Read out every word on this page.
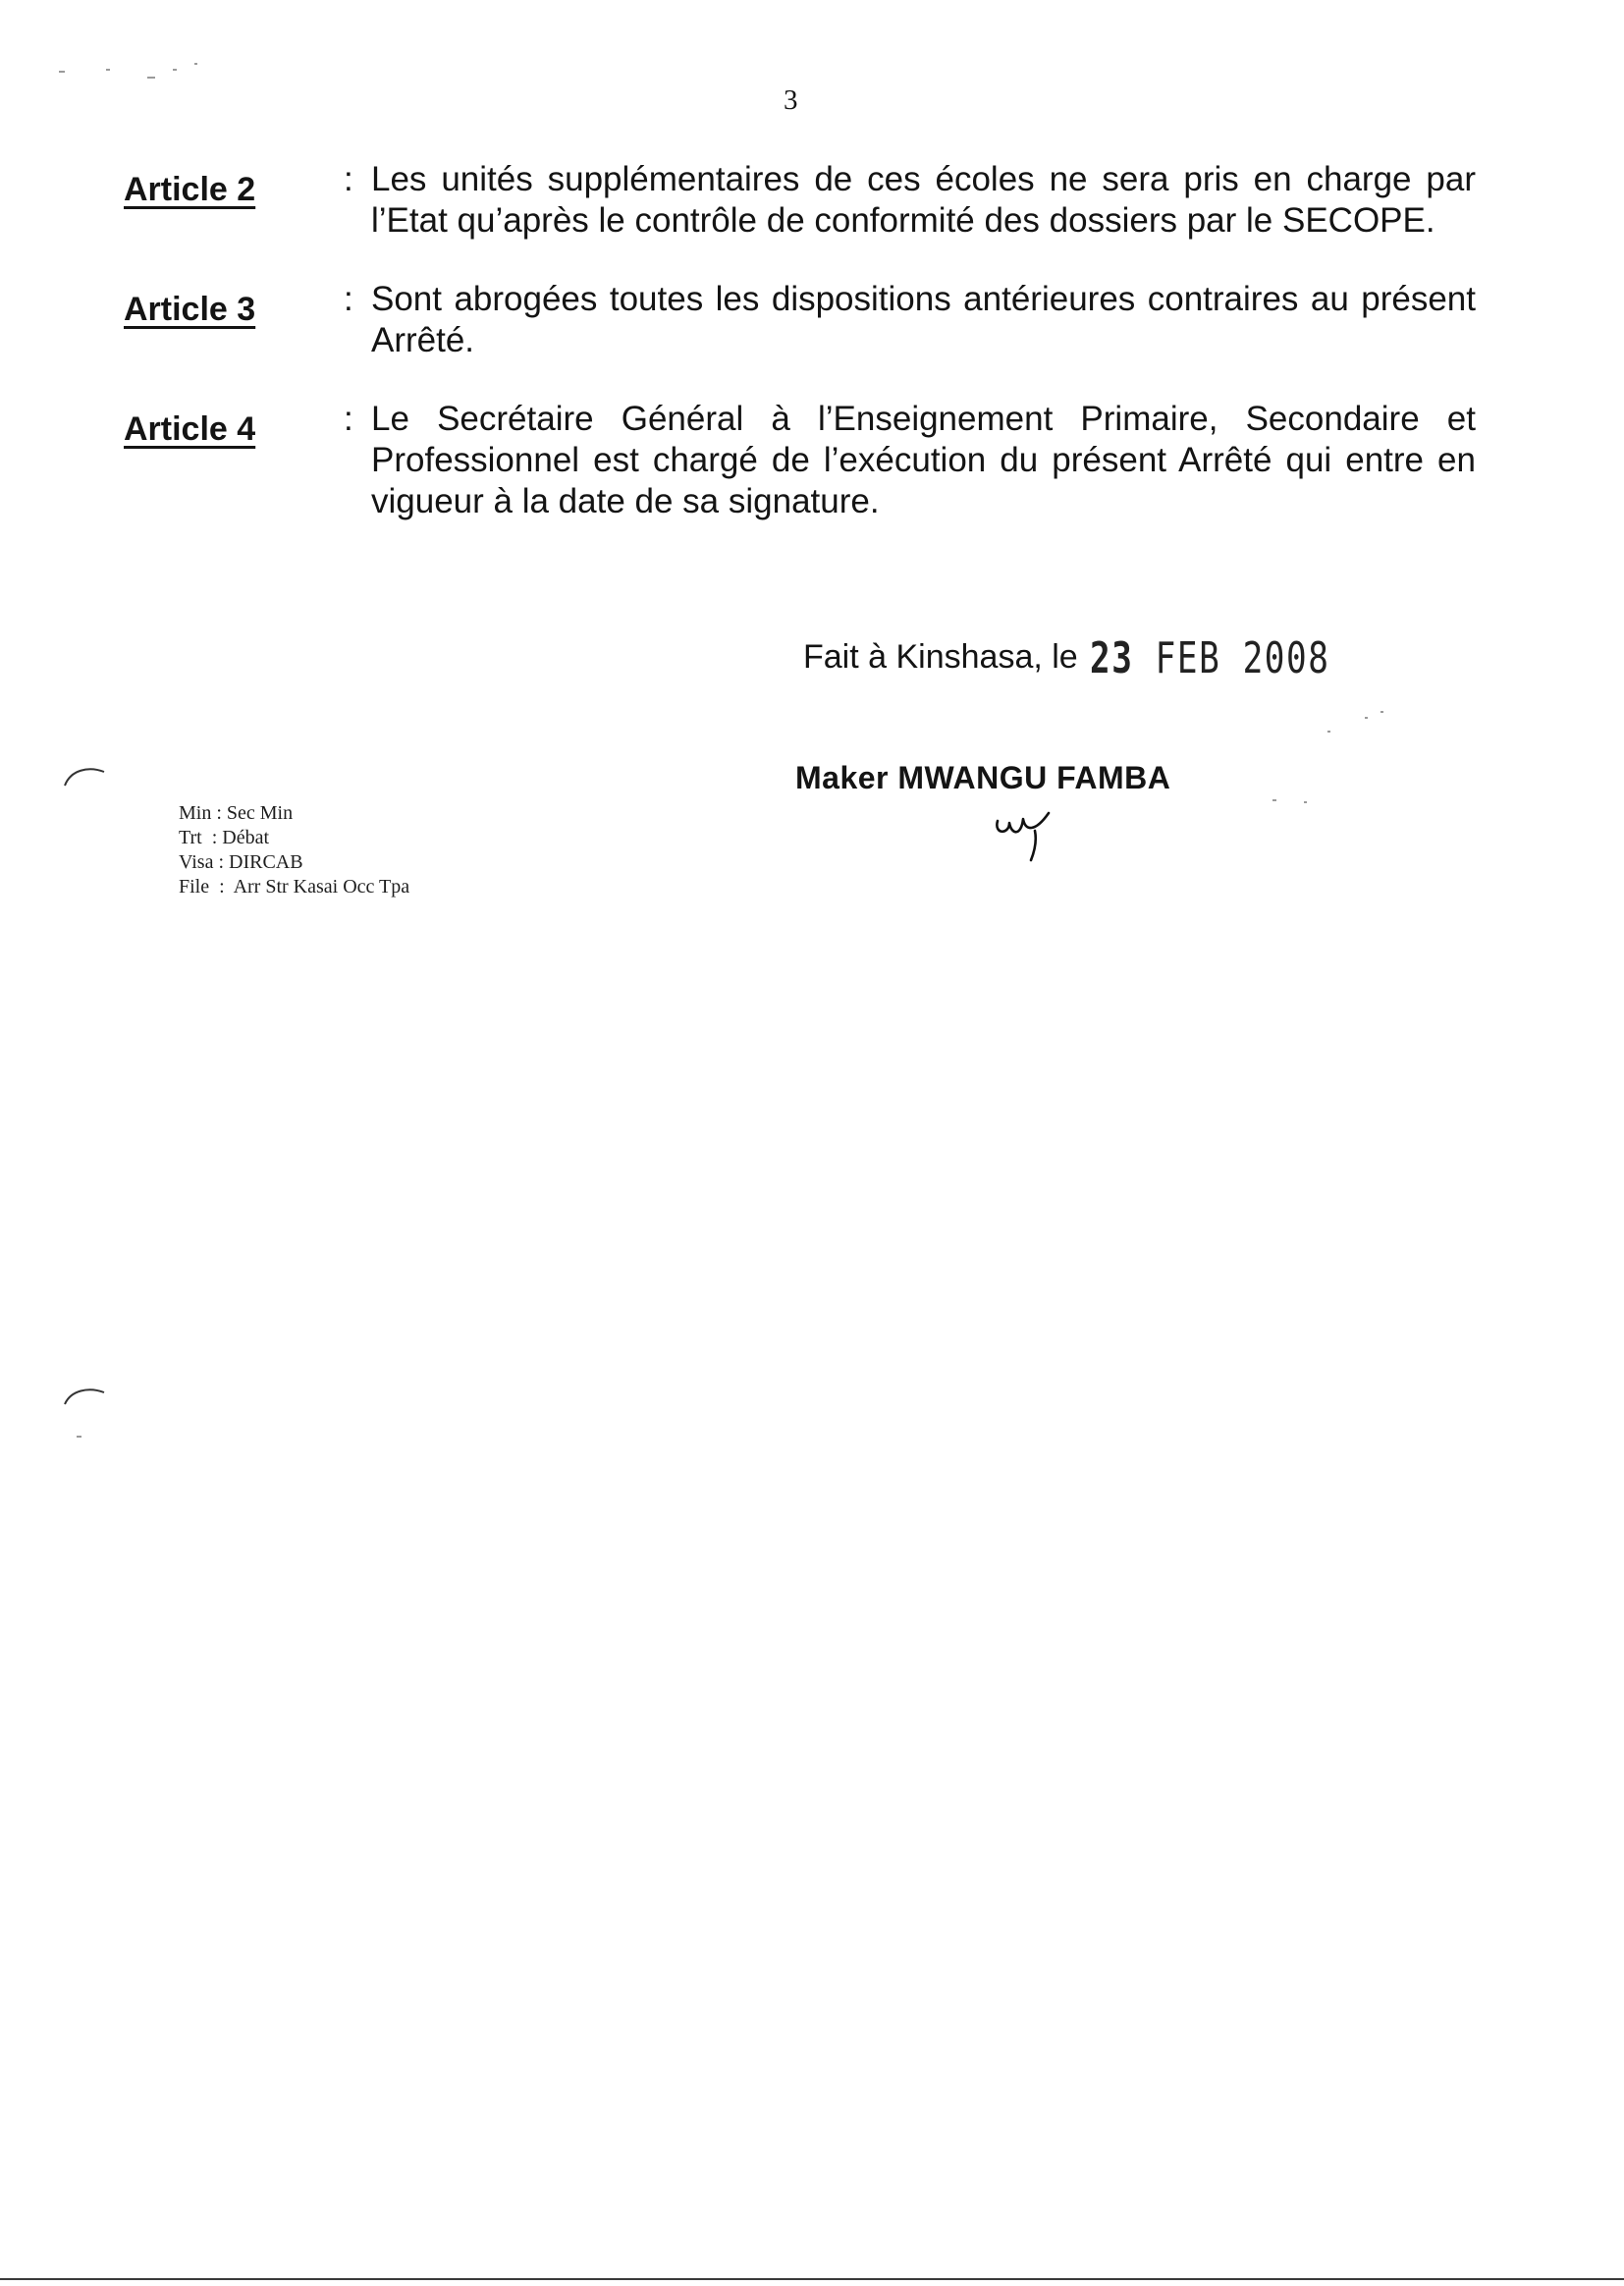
3
Article 2	: Les unités supplémentaires de ces écoles ne sera pris en charge par l’Etat qu’après le contrôle de conformité des dossiers par le SECOPE.
Article 3	: Sont abrogées toutes les dispositions antérieures contraires au présent Arrêté.
Article 4	: Le Secrétaire Général à l’Enseignement Primaire, Secondaire et Professionnel est chargé de l’exécution du présent Arrêté qui entre en vigueur à la date de sa signature.
Fait à Kinshasa, le 23 FEB 2008
Maker MWANGU FAMBA
Min : Sec Min
Trt  : Débat
Visa : DIRCAB
File  :  Arr Str Kasai Occ Tpa
